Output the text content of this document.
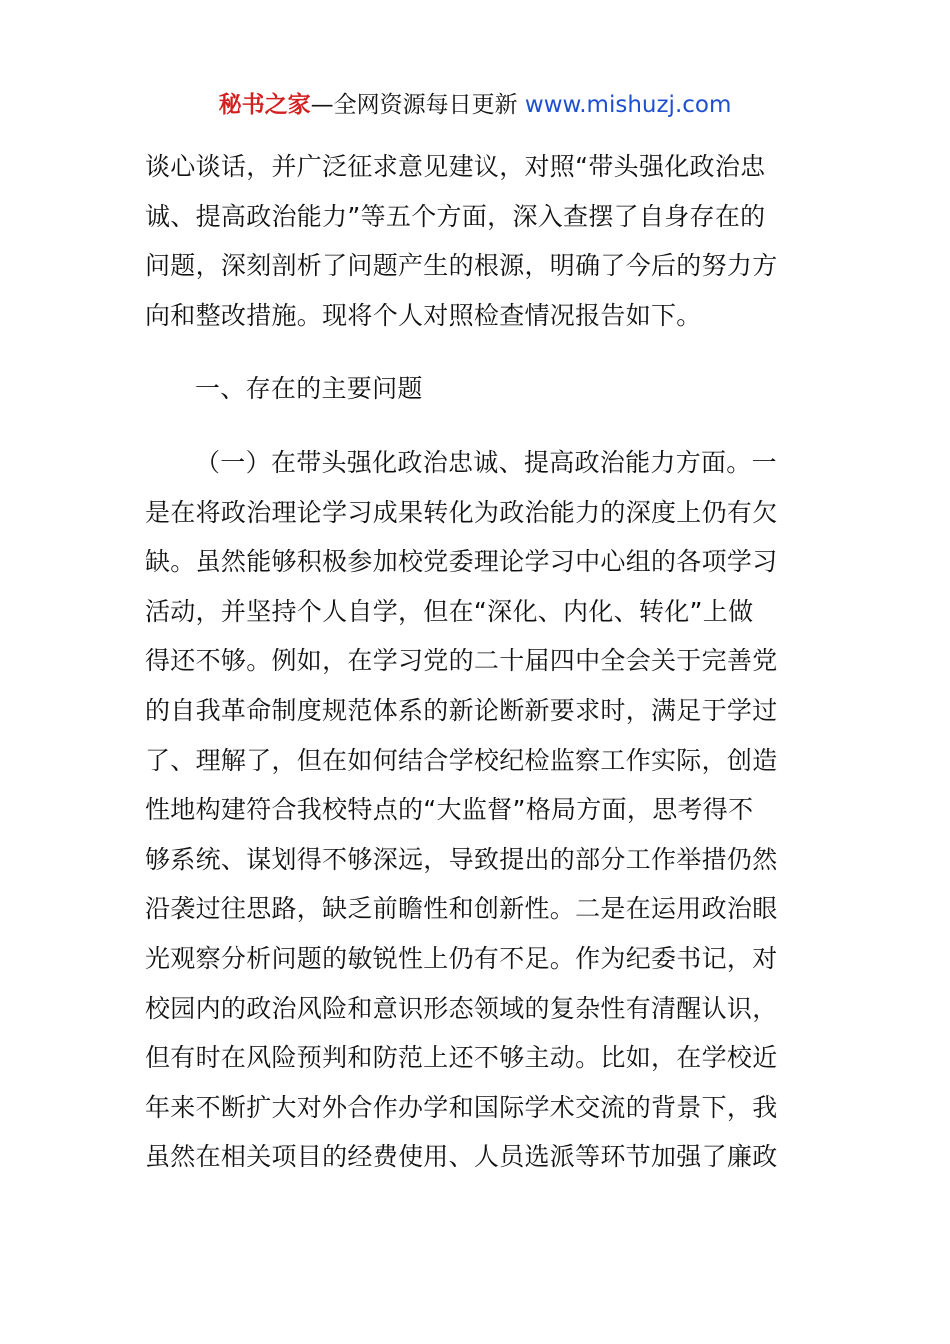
秘书之家—全网资源每日更新 www.mishuzj.com
谈心谈话，并广泛征求意见建议，对照“带头强化政治忠
诚、提高政治能力”等五个方面，深入查摆了自身存在的
问题，深刻剖析了问题产生的根源，明确了今后的努力方
向和整改措施。现将个人对照检查情况报告如下。
一、存在的主要问题
（一）在带头强化政治忠诚、提高政治能力方面。一
是在将政治理论学习成果转化为政治能力的深度上仍有欠
缺。虽然能够积极参加校党委理论学习中心组的各项学习
活动，并坚持个人自学，但在“深化、内化、转化”上做
得还不够。例如，在学习党的二十届四中全会关于完善党
的自我革命制度规范体系的新论断新要求时，满足于学过
了、理解了，但在如何结合学校纪检监察工作实际，创造
性地构建符合我校特点的“大监督”格局方面，思考得不
够系统、谋划得不够深远，导致提出的部分工作举措仍然
沿袭过往思路，缺乏前瞻性和创新性。二是在运用政治眼
光观察分析问题的敏锐性上仍有不足。作为纪委书记，对
校园内的政治风险和意识形态领域的复杂性有清醒认识，
但有时在风险预判和防范上还不够主动。比如，在学校近
年来不断扩大对外合作办学和国际学术交流的背景下，我
虽然在相关项目的经费使用、人员选派等环节加强了廉政
